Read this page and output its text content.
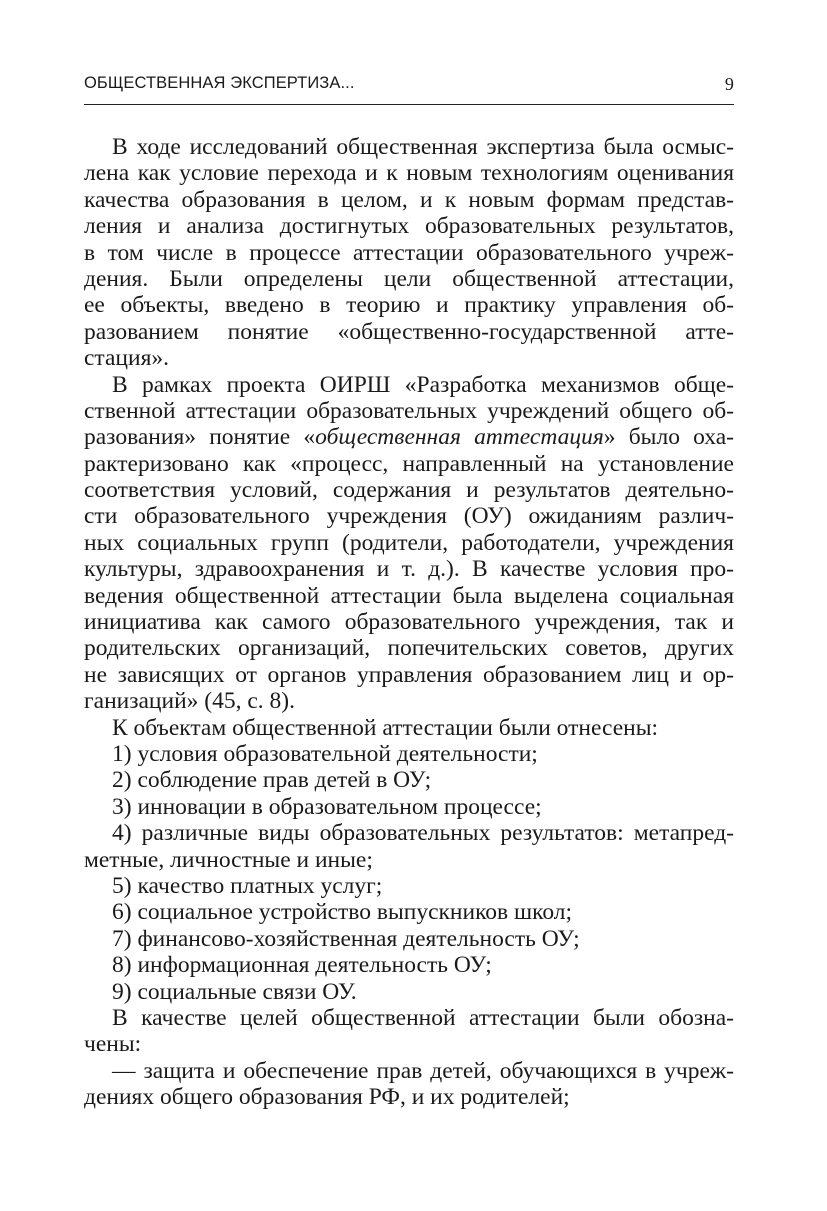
ОБЩЕСТВЕННАЯ ЭКСПЕРТИЗА...	9
В ходе исследований общественная экспертиза была осмыс-
лена как условие перехода и к новым технологиям оценивания
качества образования в целом, и к новым формам представ-
ления и анализа достигнутых образовательных результатов,
в том числе в процессе аттестации образовательного учреж-
дения. Были определены цели общественной аттестации,
ее объекты, введено в теорию и практику управления об-
разованием понятие «общественно-государственной атте-
стация».
В рамках проекта ОИРШ «Разработка механизмов обще-
ственной аттестации образовательных учреждений общего об-
разования» понятие «общественная аттестация» было оха-
рактеризовано как «процесс, направленный на установление
соответствия условий, содержания и результатов деятельно-
сти образовательного учреждения (ОУ) ожиданиям различ-
ных социальных групп (родители, работодатели, учреждения
культуры, здравоохранения и т. д.). В качестве условия про-
ведения общественной аттестации была выделена социальная
инициатива как самого образовательного учреждения, так и
родительских организаций, попечительских советов, других
не зависящих от органов управления образованием лиц и ор-
ганизаций» (45, с. 8).
К объектам общественной аттестации были отнесены:
1) условия образовательной деятельности;
2) соблюдение прав детей в ОУ;
3) инновации в образовательном процессе;
4) различные виды образовательных результатов: метапред-
метные, личностные и иные;
5) качество платных услуг;
6) социальное устройство выпускников школ;
7) финансово-хозяйственная деятельность ОУ;
8) информационная деятельность ОУ;
9) социальные связи ОУ.
В качестве целей общественной аттестации были обозна-
чены:
— защита и обеспечение прав детей, обучающихся в учреж-
дениях общего образования РФ, и их родителей;
